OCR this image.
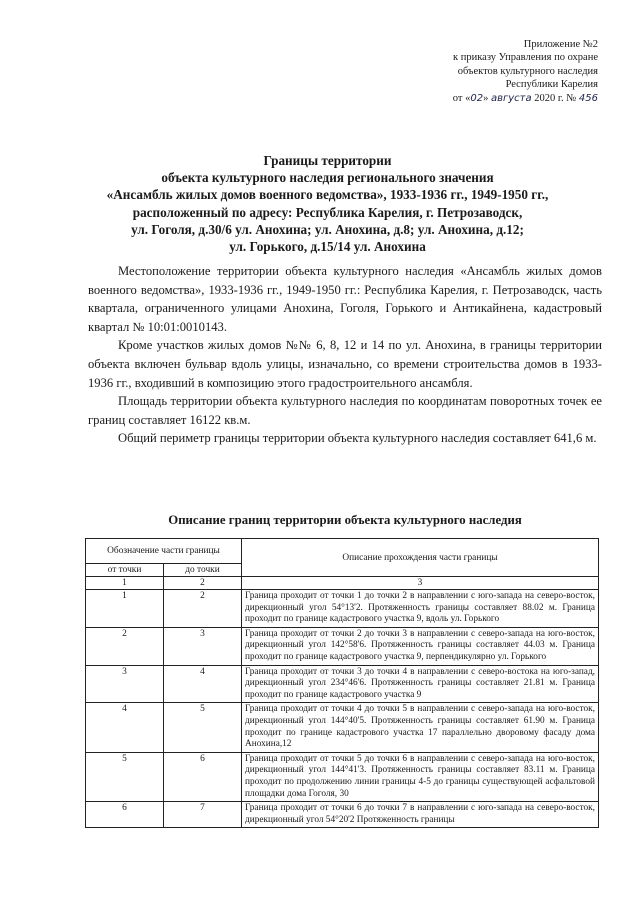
Приложение №2
к приказу Управления по охране
объектов культурного наследия
Республики Карелия
от «02» августа 2020 г. № 456
Границы территории
объекта культурного наследия регионального значения
«Ансамбль жилых домов военного ведомства», 1933-1936 гг., 1949-1950 гг.,
расположенный по адресу: Республика Карелия, г. Петрозаводск,
ул. Гоголя, д.30/6 ул. Анохина; ул. Анохина, д.8; ул. Анохина, д.12;
ул. Горького, д.15/14 ул. Анохина

Местоположение территории объекта культурного наследия «Ансамбль жилых домов военного ведомства», 1933-1936 гг., 1949-1950 гг.: Республика Карелия, г. Петрозаводск, часть квартала, ограниченного улицами Анохина, Гоголя, Горького и Антикайнена, кадастровый квартал № 10:01:0010143.

Кроме участков жилых домов №№ 6, 8, 12 и 14 по ул. Анохина, в границы территории объекта включен бульвар вдоль улицы, изначально, со времени строительства домов в 1933-1936 гг., входивший в композицию этого градостроительного ансамбля.

Площадь территории объекта культурного наследия по координатам поворотных точек ее границ составляет 16122 кв.м.

Общий периметр границы территории объекта культурного наследия составляет 641,6 м.

Описание границ территории объекта культурного наследия
Обозначение части границы		Описание прохождения части границы
от точки	до точки	
1	2	3
1	2	Граница проходит от точки 1 до точки 2 в направлении с юго-запада на северо-восток, дирекционный угол 54°13'2. Протяженность границы составляет 88.02 м. Граница проходит по границе кадастрового участка 9, вдоль ул. Горького
2	3	Граница проходит от точки 2 до точки 3 в направлении с северо-запада на юго-восток, дирекционный угол 142°58'6. Протяженность границы составляет 44.03 м. Граница проходит по границе кадастрового участка 9, перпендикулярно ул. Горького
3	4	Граница проходит от точки 3 до точки 4 в направлении с северо-востока на юго-запад, дирекционный угол 234°46'6. Протяженность границы составляет 21.81 м. Граница проходит по границе кадастрового участка 9
4	5	Граница проходит от точки 4 до точки 5 в направлении с северо-запада на юго-восток, дирекционный угол 144°40'5. Протяженность границы составляет 61.90 м. Граница проходит по границе кадастрового участка 17 параллельно дворовому фасаду дома Анохина,12
5	6	Граница проходит от точки 5 до точки 6 в направлении с северо-запада на юго-восток, дирекционный угол 144°41'3. Протяженность границы составляет 83.11 м. Граница проходит по продолжению линии границы 4-5 до границы существующей асфальтовой площадки дома Гоголя, 30
6	7	Граница проходит от точки 6 до точки 7 в направлении с юго-запада на северо-восток, дирекционный угол 54°20'2 Протяженность границы
